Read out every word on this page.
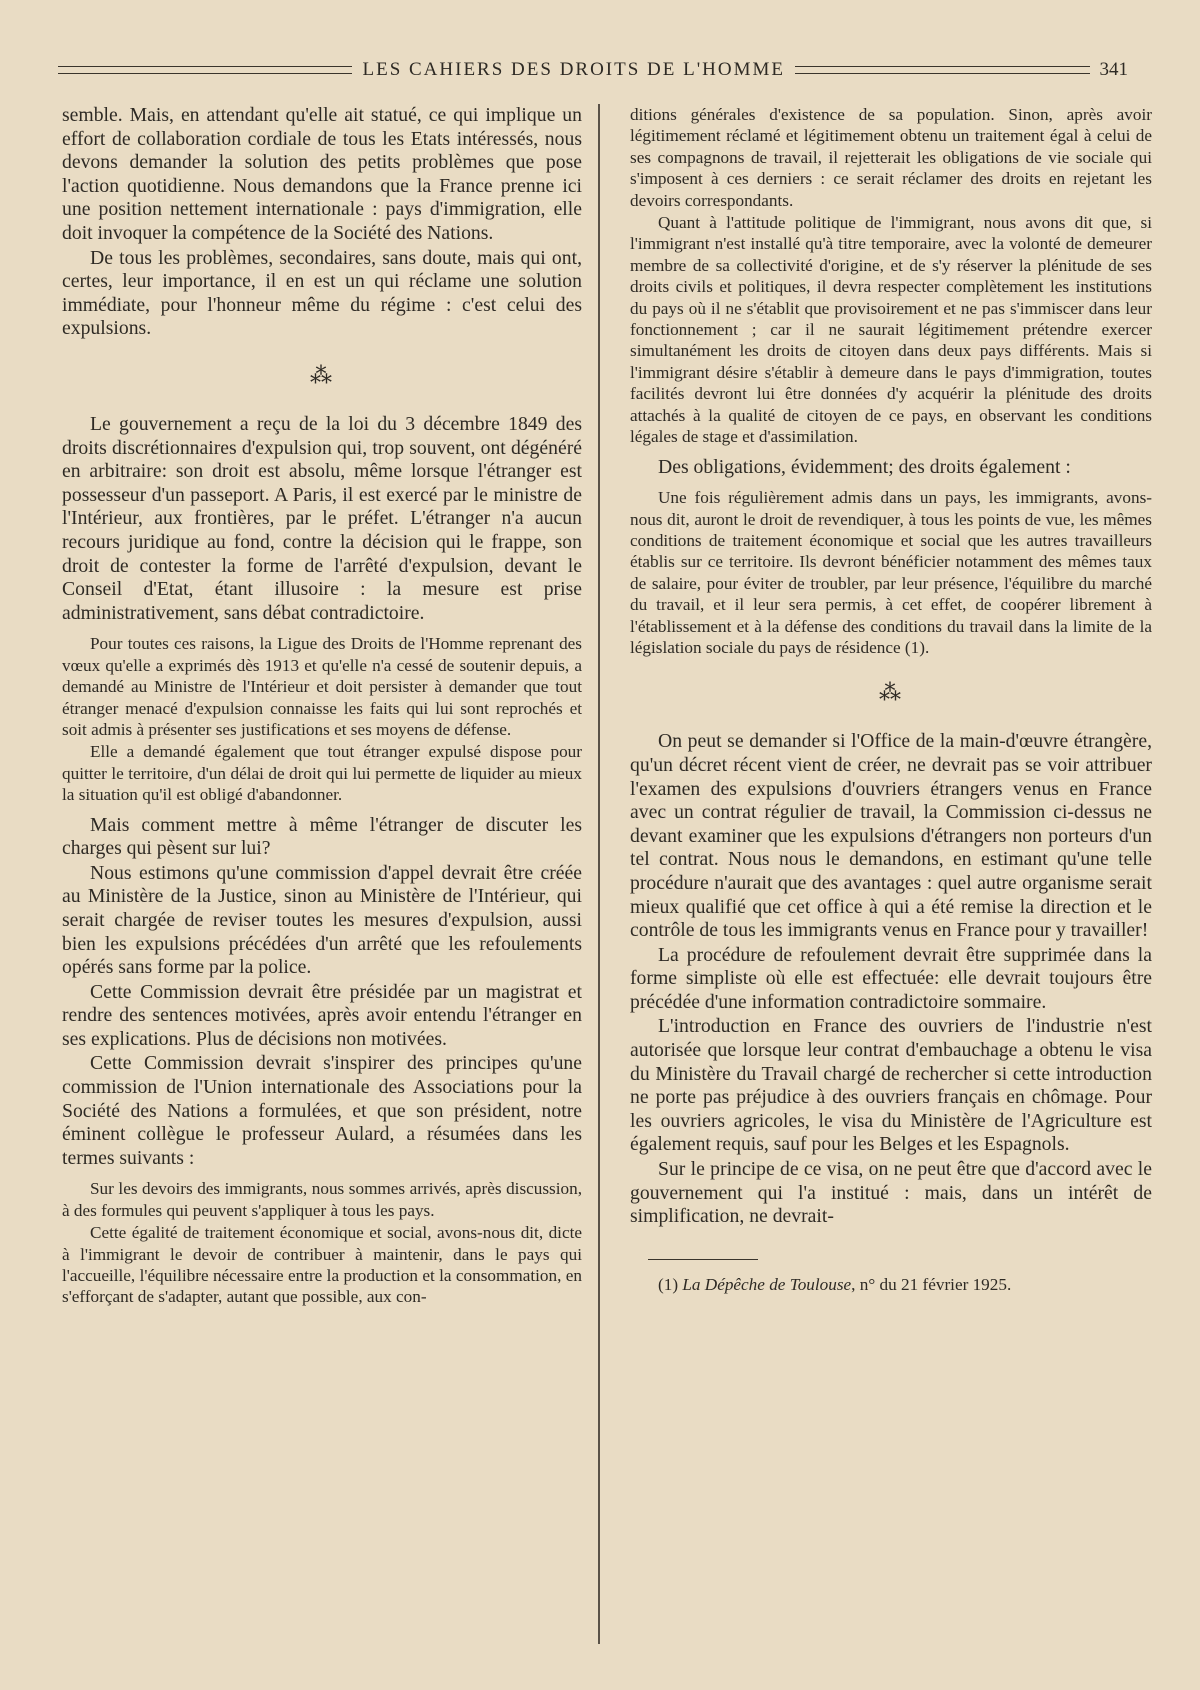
LES CAHIERS DES DROITS DE L'HOMME	341

semble. Mais, en attendant qu'elle ait statué, ce qui implique un effort de collaboration cordiale de tous les Etats intéressés, nous devons demander la solution des petits problèmes que pose l'action quotidienne. Nous demandons que la France prenne ici une position nettement internationale : pays d'immigration, elle doit invoquer la compétence de la Société des Nations.

De tous les problèmes, secondaires, sans doute, mais qui ont, certes, leur importance, il en est un qui réclame une solution immédiate, pour l'honneur même du régime : c'est celui des expulsions.

⁂

Le gouvernement a reçu de la loi du 3 décembre 1849 des droits discrétionnaires d'expulsion qui, trop souvent, ont dégénéré en arbitraire: son droit est absolu, même lorsque l'étranger est possesseur d'un passeport. A Paris, il est exercé par le ministre de l'Intérieur, aux frontières, par le préfet. L'étranger n'a aucun recours juridique au fond, contre la décision qui le frappe, son droit de contester la forme de l'arrêté d'expulsion, devant le Conseil d'Etat, étant illusoire : la mesure est prise administrativement, sans débat contradictoire.

Pour toutes ces raisons, la Ligue des Droits de l'Homme reprenant des vœux qu'elle a exprimés dès 1913 et qu'elle n'a cessé de soutenir depuis, a demandé au Ministre de l'Intérieur et doit persister à demander que tout étranger menacé d'expulsion connaisse les faits qui lui sont reprochés et soit admis à présenter ses justifications et ses moyens de défense.

Elle a demandé également que tout étranger expulsé dispose pour quitter le territoire, d'un délai de droit qui lui permette de liquider au mieux la situation qu'il est obligé d'abandonner.

Mais comment mettre à même l'étranger de discuter les charges qui pèsent sur lui?

Nous estimons qu'une commission d'appel devrait être créée au Ministère de la Justice, sinon au Ministère de l'Intérieur, qui serait chargée de reviser toutes les mesures d'expulsion, aussi bien les expulsions précédées d'un arrêté que les refoulements opérés sans forme par la police.

Cette Commission devrait être présidée par un magistrat et rendre des sentences motivées, après avoir entendu l'étranger en ses explications. Plus de décisions non motivées.

Cette Commission devrait s'inspirer des principes qu'une commission de l'Union internationale des Associations pour la Société des Nations a formulées, et que son président, notre éminent collègue le professeur Aulard, a résumées dans les termes suivants :

Sur les devoirs des immigrants, nous sommes arrivés, après discussion, à des formules qui peuvent s'appliquer à tous les pays.

Cette égalité de traitement économique et social, avons-nous dit, dicte à l'immigrant le devoir de contribuer à maintenir, dans le pays qui l'accueille, l'équilibre nécessaire entre la production et la consommation, en s'efforçant de s'adapter, autant que possible, aux con-

ditions générales d'existence de sa population. Sinon, après avoir légitimement réclamé et légitimement obtenu un traitement égal à celui de ses compagnons de travail, il rejetterait les obligations de vie sociale qui s'imposent à ces derniers : ce serait réclamer des droits en rejetant les devoirs correspondants.

Quant à l'attitude politique de l'immigrant, nous avons dit que, si l'immigrant n'est installé qu'à titre temporaire, avec la volonté de demeurer membre de sa collectivité d'origine, et de s'y réserver la plénitude de ses droits civils et politiques, il devra respecter complètement les institutions du pays où il ne s'établit que provisoirement et ne pas s'immiscer dans leur fonctionnement ; car il ne saurait légitimement prétendre exercer simultanément les droits de citoyen dans deux pays différents. Mais si l'immigrant désire s'établir à demeure dans le pays d'immigration, toutes facilités devront lui être données d'y acquérir la plénitude des droits attachés à la qualité de citoyen de ce pays, en observant les conditions légales de stage et d'assimilation.

Des obligations, évidemment; des droits également :

Une fois régulièrement admis dans un pays, les immigrants, avons-nous dit, auront le droit de revendiquer, à tous les points de vue, les mêmes conditions de traitement économique et social que les autres travailleurs établis sur ce territoire. Ils devront bénéficier notamment des mêmes taux de salaire, pour éviter de troubler, par leur présence, l'équilibre du marché du travail, et il leur sera permis, à cet effet, de coopérer librement à l'établissement et à la défense des conditions du travail dans la limite de la législation sociale du pays de résidence (1).

⁂

On peut se demander si l'Office de la main-d'œuvre étrangère, qu'un décret récent vient de créer, ne devrait pas se voir attribuer l'examen des expulsions d'ouvriers étrangers venus en France avec un contrat régulier de travail, la Commission ci-dessus ne devant examiner que les expulsions d'étrangers non porteurs d'un tel contrat. Nous nous le demandons, en estimant qu'une telle procédure n'aurait que des avantages : quel autre organisme serait mieux qualifié que cet office à qui a été remise la direction et le contrôle de tous les immigrants venus en France pour y travailler!

La procédure de refoulement devrait être supprimée dans la forme simpliste où elle est effectuée: elle devrait toujours être précédée d'une information contradictoire sommaire.

L'introduction en France des ouvriers de l'industrie n'est autorisée que lorsque leur contrat d'embauchage a obtenu le visa du Ministère du Travail chargé de rechercher si cette introduction ne porte pas préjudice à des ouvriers français en chômage. Pour les ouvriers agricoles, le visa du Ministère de l'Agriculture est également requis, sauf pour les Belges et les Espagnols.

Sur le principe de ce visa, on ne peut être que d'accord avec le gouvernement qui l'a institué : mais, dans un intérêt de simplification, ne devrait-

(1) La Dépêche de Toulouse, n° du 21 février 1925.
